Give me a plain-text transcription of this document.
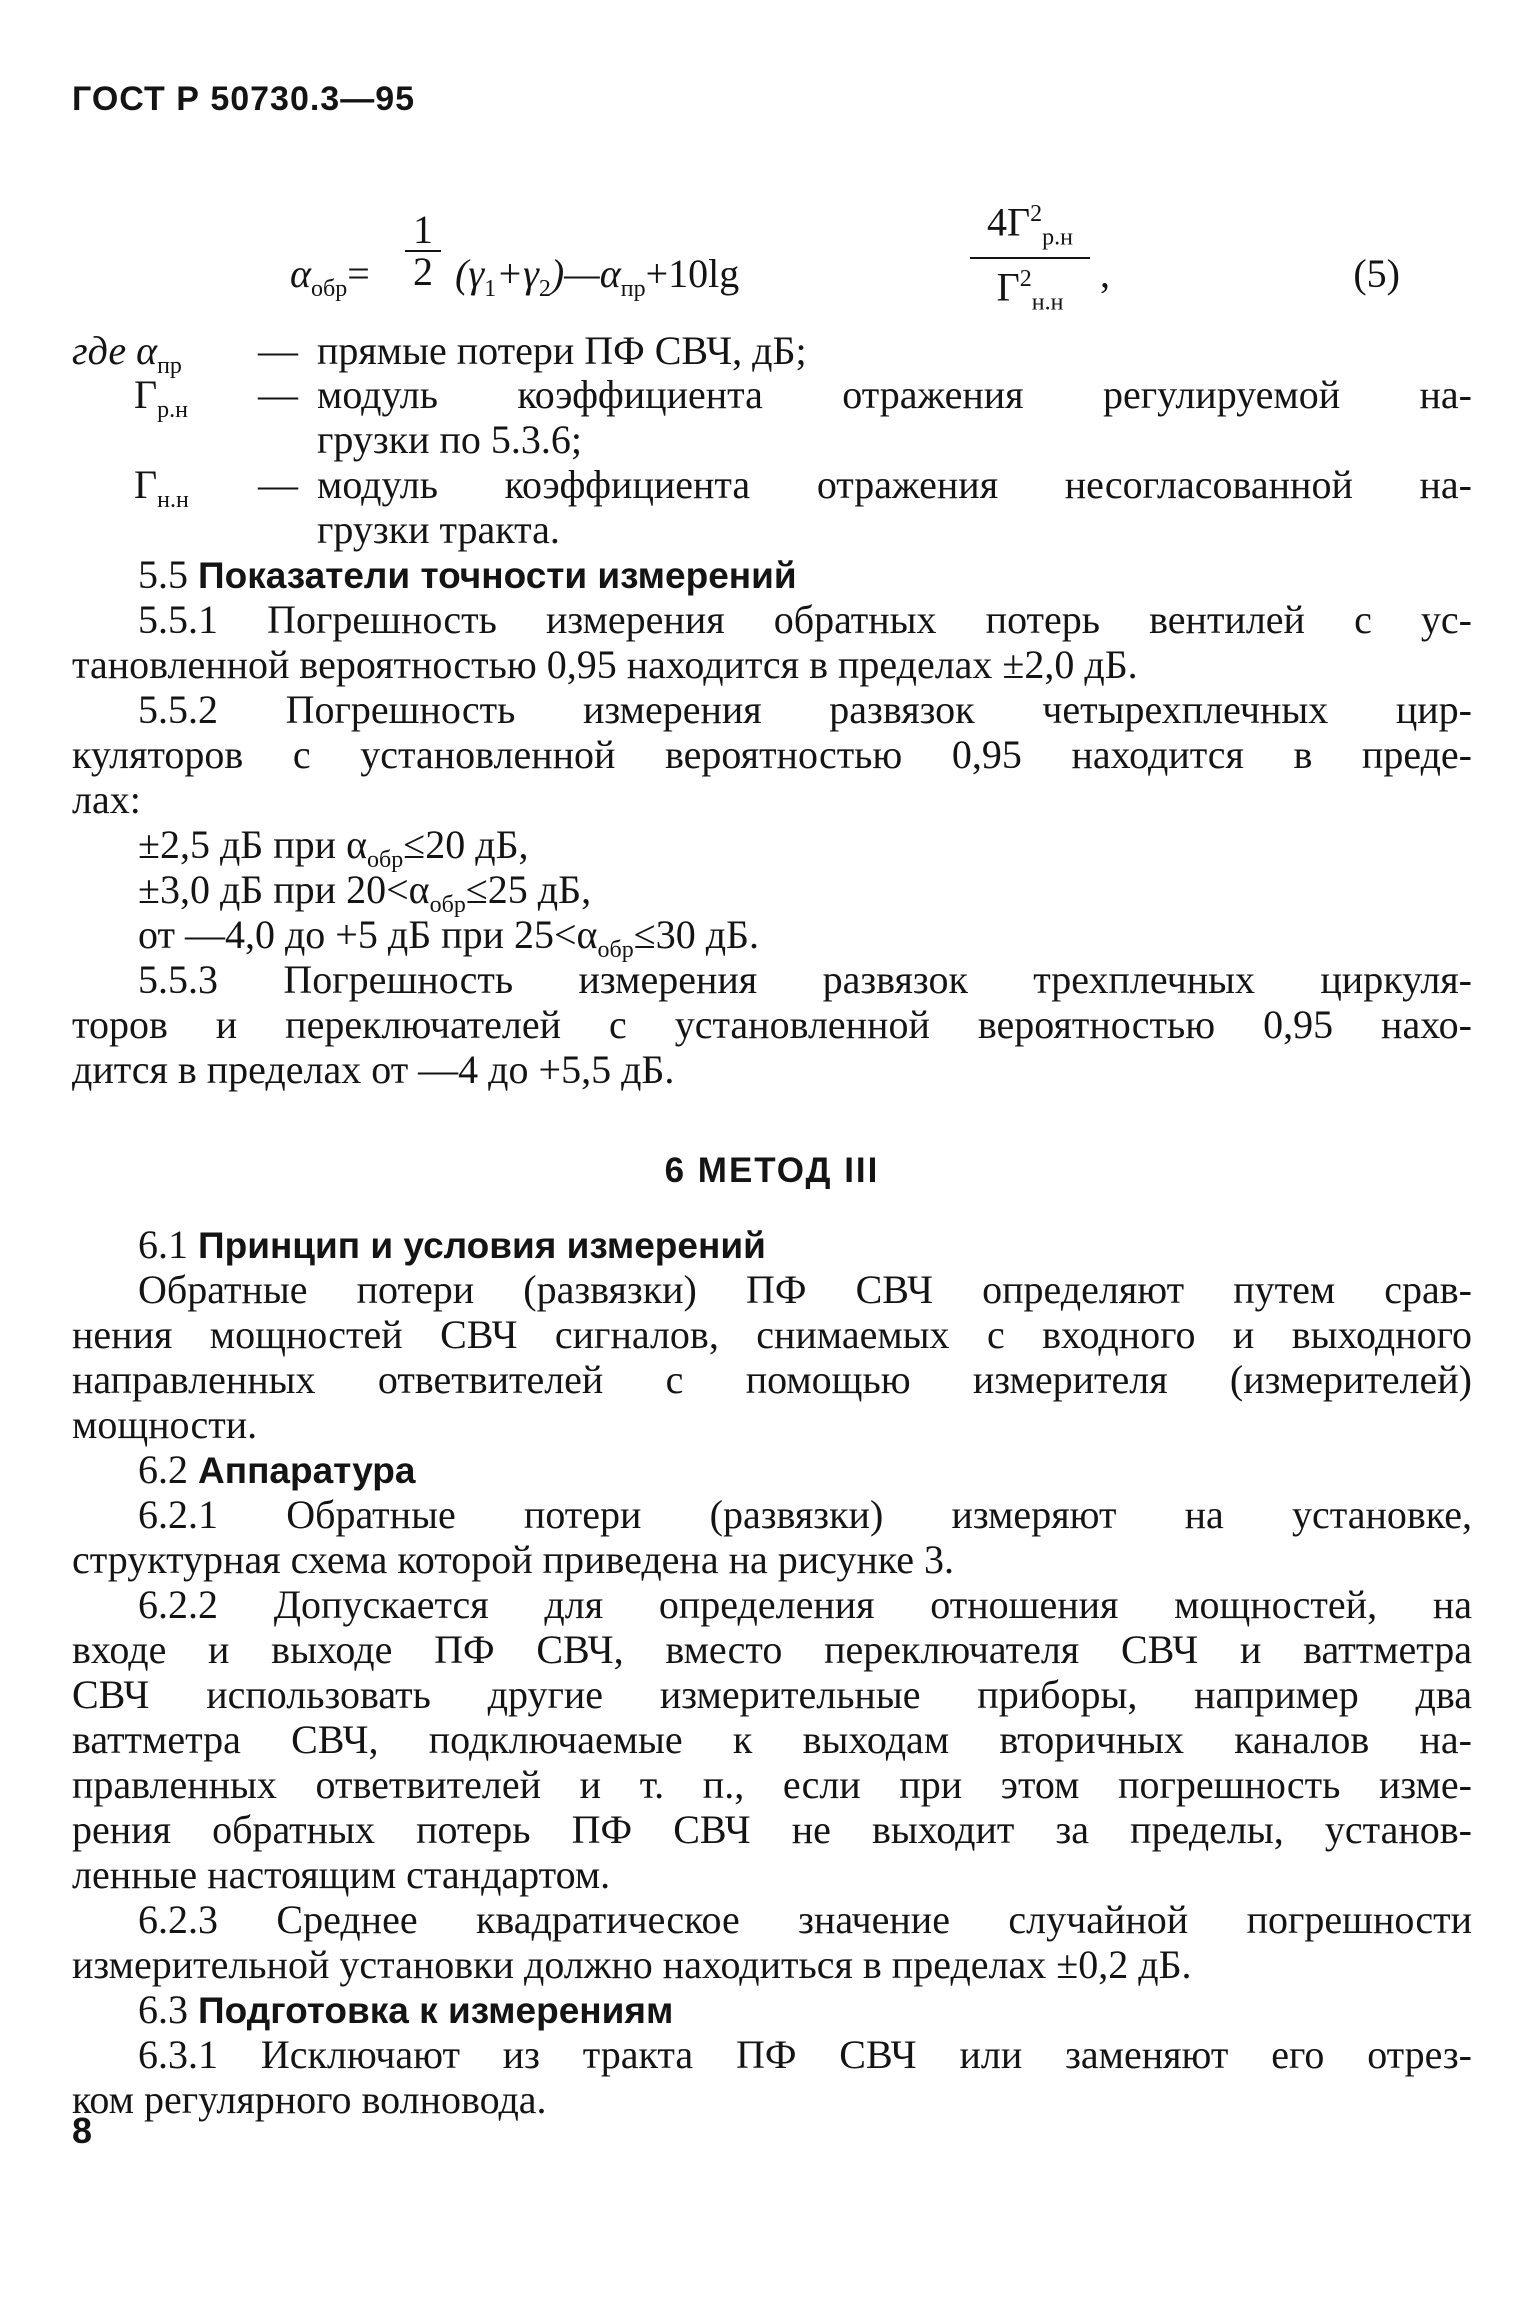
ГОСТ Р 50730.3—95
$\alpha_{обр}= \frac{1}{2}$ $(\gamma_1+\gamma_2)—\alpha_{пр}+10\lg$
$4Г^2_{р.н}$
$Г^2_{н.н}$
,	(5)
где $\alpha_{пр}$ — прямые потери ПФ СВЧ, дБ;
$Г_{р.н}$ — модуль коэффициента отражения регулируемой на-
грузки по 5.3.6;
$Г_{н.н}$ — модуль коэффициента отражения несогласованной на-
грузки тракта.
5.5 Показатели точности измерений
5.5.1 Погрешность измерения обратных потерь вентилей с ус-
тановленной вероятностью 0,95 находится в пределах ±2,0 дБ.
5.5.2 Погрешность измерения развязок четырехплечных цир-
куляторов с установленной вероятностью 0,95 находится в преде-
лах:
±2,5 дБ при $\alpha_{обр}\le 20$ дБ,
±3,0 дБ при $20<\alpha_{обр}\le 25$ дБ,
от —4,0 до +5 дБ при $25<\alpha_{обр}\le 30$ дБ.
5.5.3 Погрешность измерения развязок трехплечных циркуля-
торов и переключателей с установленной вероятностью 0,95 нахо-
дится в пределах от —4 до +5,5 дБ.
6 МЕТОД III
6.1 Принцип и условия измерений
Обратные потери (развязки) ПФ СВЧ определяют путем срав-
нения мощностей СВЧ сигналов, снимаемых с входного и выходного
направленных ответвителей с помощью измерителя (измерителей)
мощности.
6.2 Аппаратура
6.2.1 Обратные потери (развязки) измеряют на установке,
структурная схема которой приведена на рисунке 3.
6.2.2 Допускается для определения отношения мощностей, на
входе и выходе ПФ СВЧ, вместо переключателя СВЧ и ваттметра
СВЧ использовать другие измерительные приборы, например два
ваттметра СВЧ, подключаемые к выходам вторичных каналов на-
правленных ответвителей и т. п., если при этом погрешность изме-
рения обратных потерь ПФ СВЧ не выходит за пределы, установ-
ленные настоящим стандартом.
6.2.3 Среднее квадратическое значение случайной погрешности
измерительной установки должно находиться в пределах ±0,2 дБ.
6.3 Подготовка к измерениям
6.3.1 Исключают из тракта ПФ СВЧ или заменяют его отрез-
ком регулярного волновода.
8
